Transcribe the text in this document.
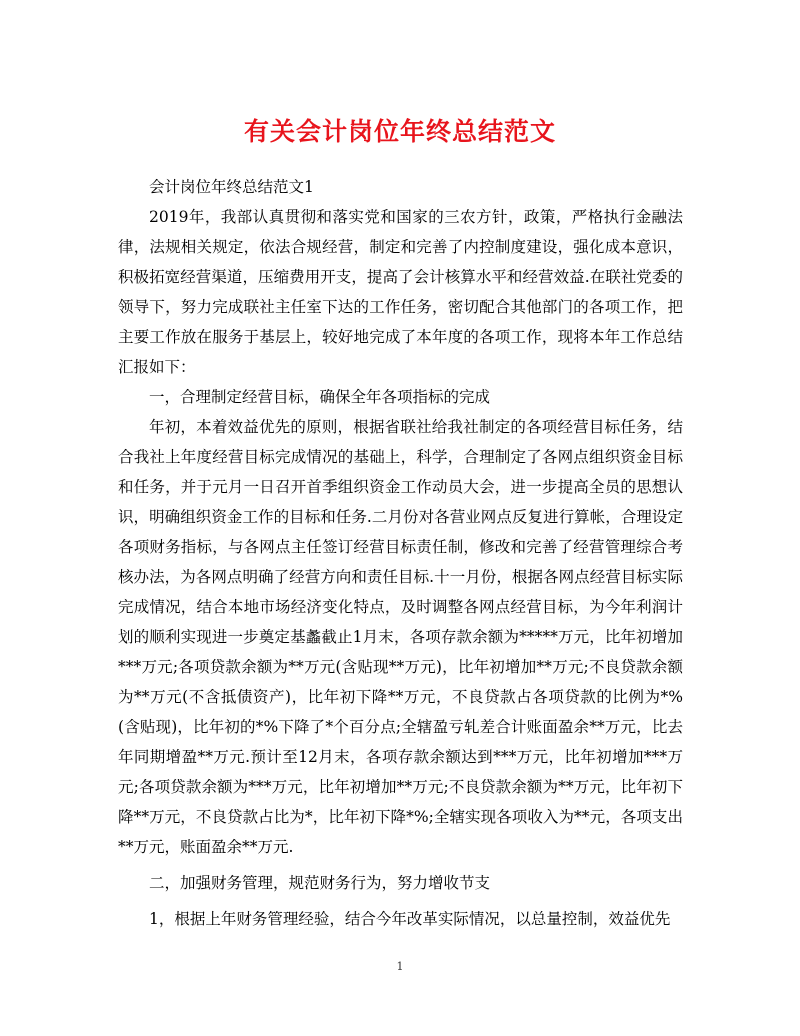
有关会计岗位年终总结范文

会计岗位年终总结范文1

2019年，我部认真贯彻和落实党和国家的三农方针，政策，严格执行金融法律，法规相关规定，依法合规经营，制定和完善了内控制度建设，强化成本意识，积极拓宽经营渠道，压缩费用开支，提高了会计核算水平和经营效益.在联社党委的领导下，努力完成联社主任室下达的工作任务，密切配合其他部门的各项工作，把主要工作放在服务于基层上，较好地完成了本年度的各项工作，现将本年工作总结汇报如下：

一，合理制定经营目标，确保全年各项指标的完成

年初，本着效益优先的原则，根据省联社给我社制定的各项经营目标任务，结合我社上年度经营目标完成情况的基础上，科学，合理制定了各网点组织资金目标和任务，并于元月一日召开首季组织资金工作动员大会，进一步提高全员的思想认识，明确组织资金工作的目标和任务.二月份对各营业网点反复进行算帐，合理设定各项财务指标，与各网点主任签订经营目标责任制，修改和完善了经营管理综合考核办法，为各网点明确了经营方向和责任目标.十一月份，根据各网点经营目标实际完成情况，结合本地市场经济变化特点，及时调整各网点经营目标，为今年利润计划的顺利实现进一步奠定基蠡截止1月末，各项存款余额为*****万元，比年初增加***万元;各项贷款余额为**万元(含贴现**万元)，比年初增加**万元;不良贷款余额为**万元(不含抵债资产)，比年初下降**万元，不良贷款占各项贷款的比例为*%(含贴现)，比年初的*%下降了*个百分点;全辖盈亏轧差合计账面盈余**万元，比去年同期增盈**万元.预计至12月末，各项存款余额达到***万元，比年初增加***万元;各项贷款余额为***万元，比年初增加**万元;不良贷款余额为**万元，比年初下降**万元，不良贷款占比为*，比年初下降*%;全辖实现各项收入为**元，各项支出**万元，账面盈余**万元.

二，加强财务管理，规范财务行为，努力增收节支

1，根据上年财务管理经验，结合今年改革实际情况，以总量控制，效益优先

1
